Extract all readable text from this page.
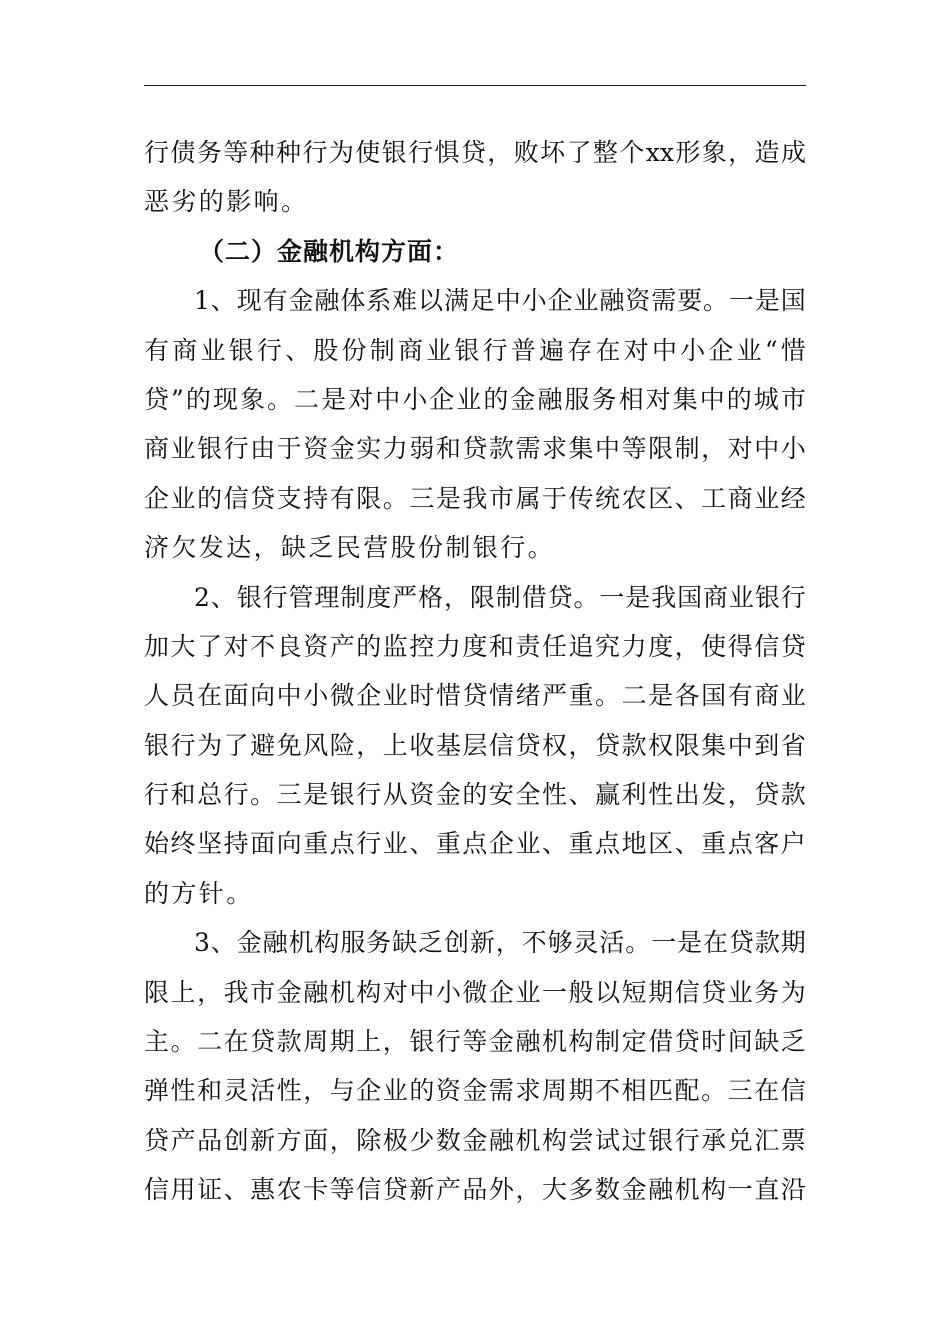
行 债 务 等 种 种 行 为 使 银 行 惧 贷 ， 败 坏 了 整 个 xx 形 象 ， 造 成
恶劣的影响。
（二）金融机构方面：
1 、 现 有 金 融 体 系 难 以 满 足 中 小 企 业 融 资 需 要 。 一 是 国
有 商 业 银 行 、 股 份 制 商 业 银 行 普 遍 存 在 对 中 小 企 业 “ 惜
贷 ” 的 现 象 。 二 是 对 中 小 企 业 的 金 融 服 务 相 对 集 中 的 城 市
商 业 银 行 由 于 资 金 实 力 弱 和 贷 款 需 求 集 中 等 限 制 ， 对 中 小
企 业 的 信 贷 支 持 有 限 。 三 是 我 市 属 于 传 统 农 区 、 工 商 业 经
济欠发达，缺乏民营股份制银行。
2 、 银 行 管 理 制 度 严 格 ， 限 制 借 贷 。 一 是 我 国 商 业 银 行
加 大 了 对 不 良 资 产 的 监 控 力 度 和 责 任 追 究 力 度 ， 使 得 信 贷
人 员 在 面 向 中 小 微 企 业 时 惜 贷 情 绪 严 重 。 二 是 各 国 有 商 业
银 行 为 了 避 免 风 险 ， 上 收 基 层 信 贷 权 ， 贷 款 权 限 集 中 到 省
行 和 总 行 。 三 是 银 行 从 资 金 的 安 全 性 、 赢 利 性 出 发 ， 贷 款
始 终 坚 持 面 向 重 点 行 业 、 重 点 企 业 、 重 点 地 区 、 重 点 客 户
的方针。
3 、 金 融 机 构 服 务 缺 乏 创 新 ， 不 够 灵 活 。 一 是 在 贷 款 期
限 上 ， 我 市 金 融 机 构 对 中 小 微 企 业 一 般 以 短 期 信 贷 业 务 为
主 。 二 在 贷 款 周 期 上 ， 银 行 等 金 融 机 构 制 定 借 贷 时 间 缺 乏
弹 性 和 灵 活 性 ， 与 企 业 的 资 金 需 求 周 期 不 相 匹 配 。 三 在 信
贷 产 品 创 新 方 面 ， 除 极 少 数 金 融 机 构 尝 试 过 银 行 承 兑 汇 票
信 用 证 、 惠 农 卡 等 信 贷 新 产 品 外 ， 大 多 数 金 融 机 构 一 直 沿
